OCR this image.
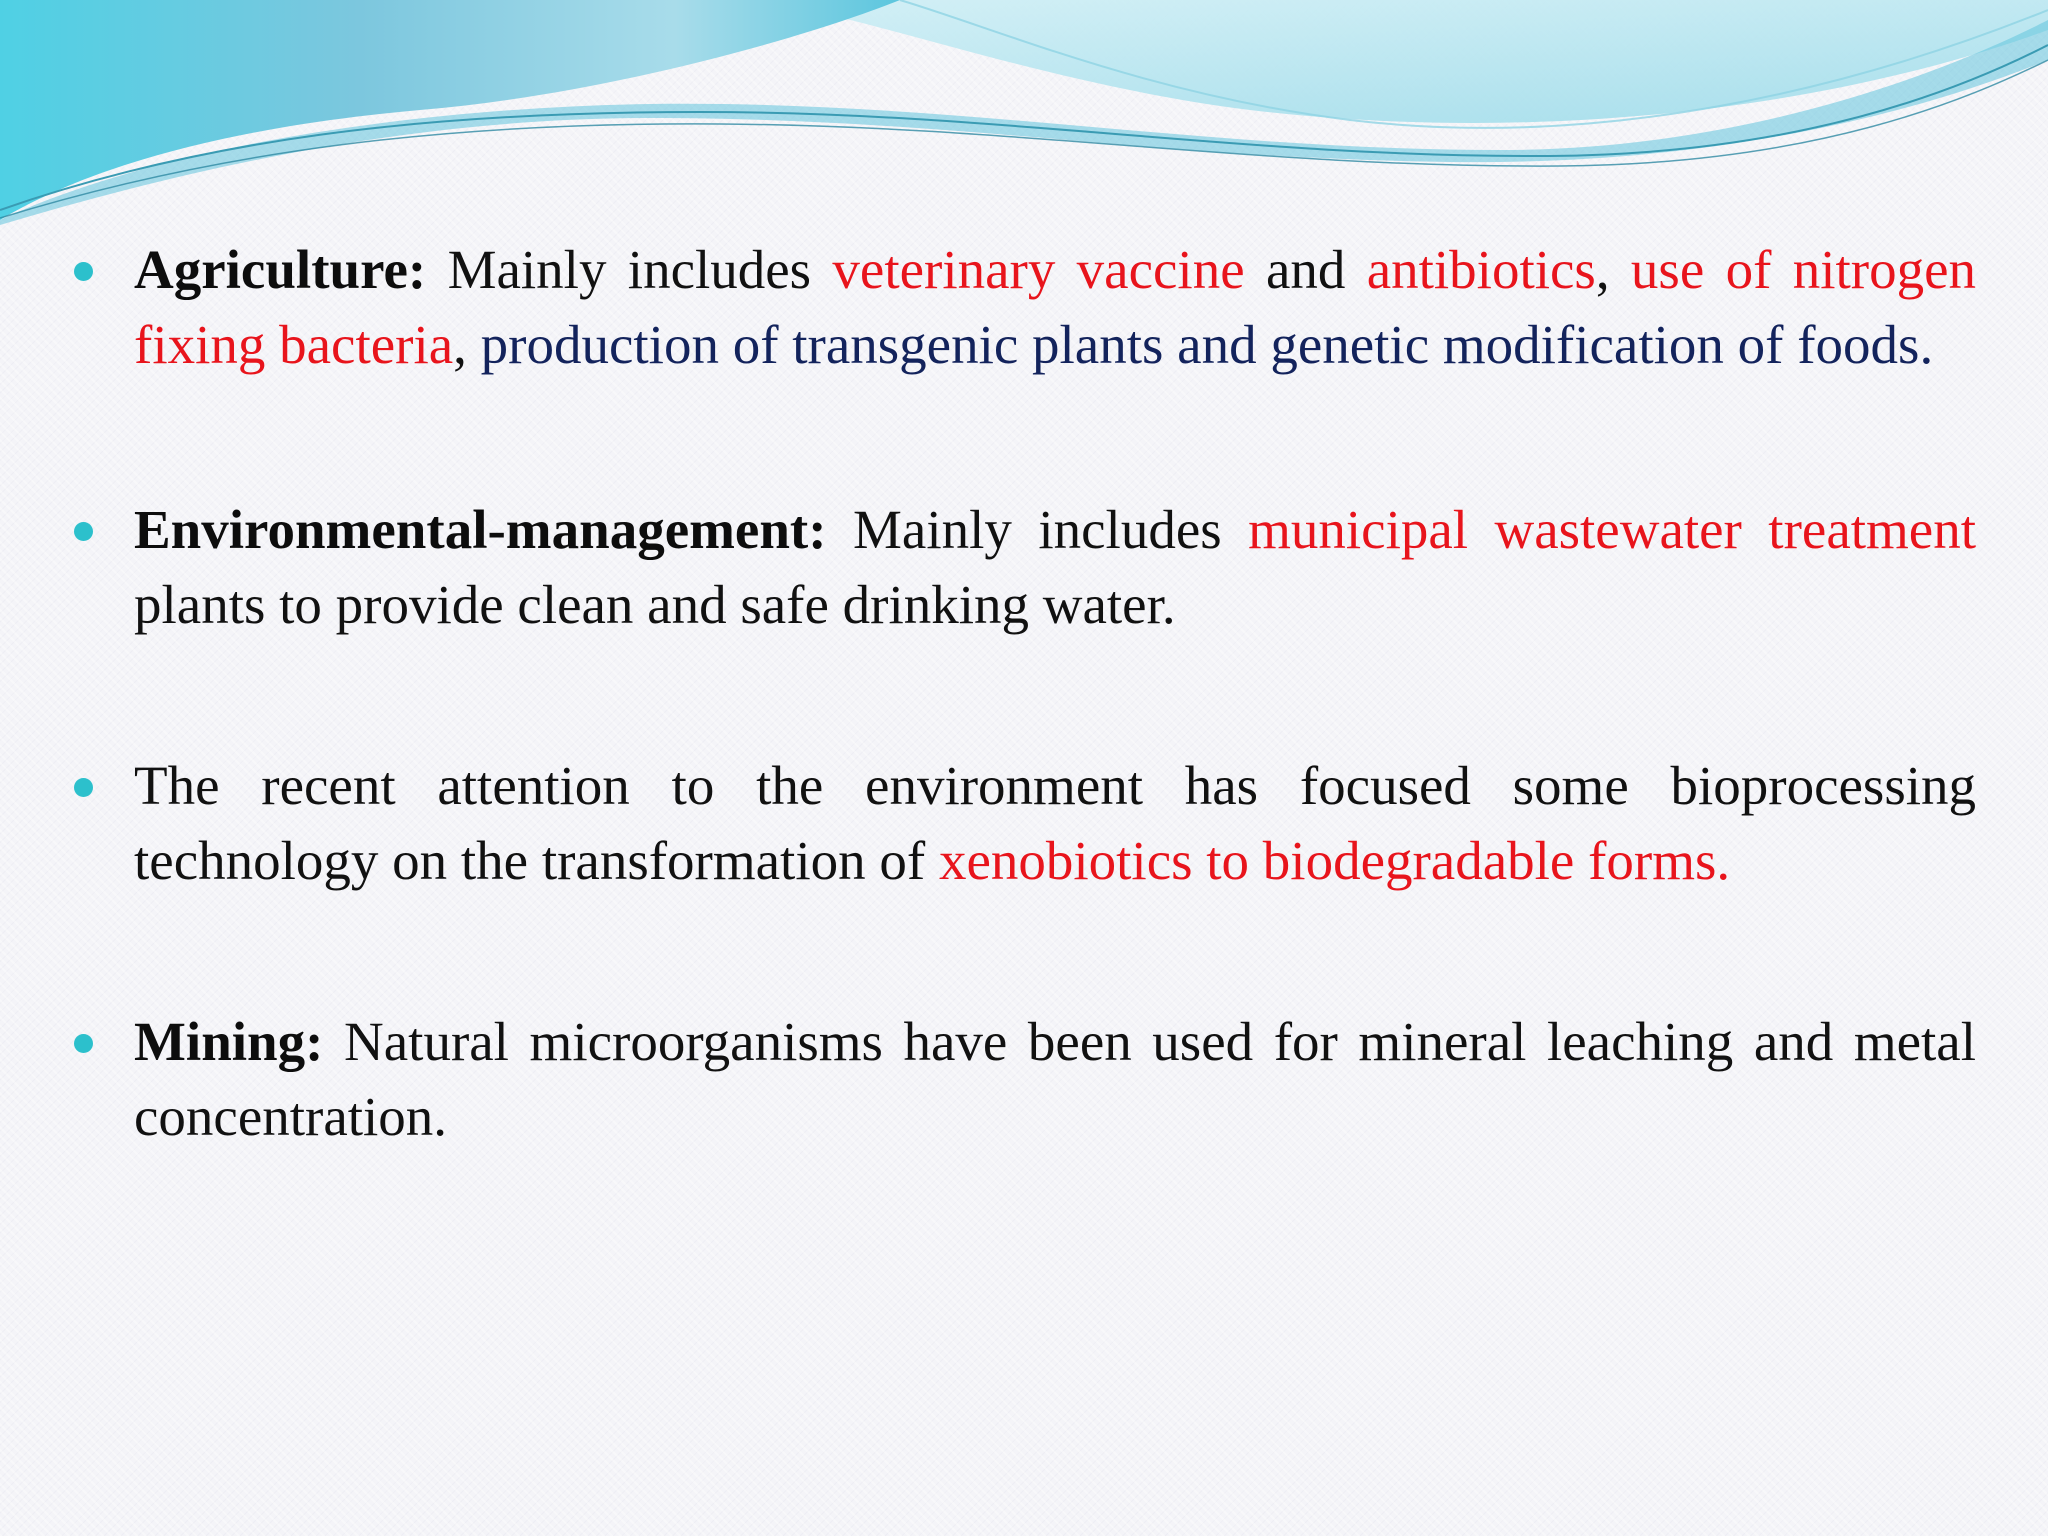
Agriculture: Mainly includes veterinary vaccine and antibiotics, use of nitrogen fixing bacteria, production of transgenic plants and genetic modification of foods.

Environmental-management: Mainly includes municipal wastewater treatment plants to provide clean and safe drinking water.

The recent attention to the environment has focused some bioprocessing technology on the transformation of xenobiotics to biodegradable forms.

Mining: Natural microorganisms have been used for mineral leaching and metal concentration.
